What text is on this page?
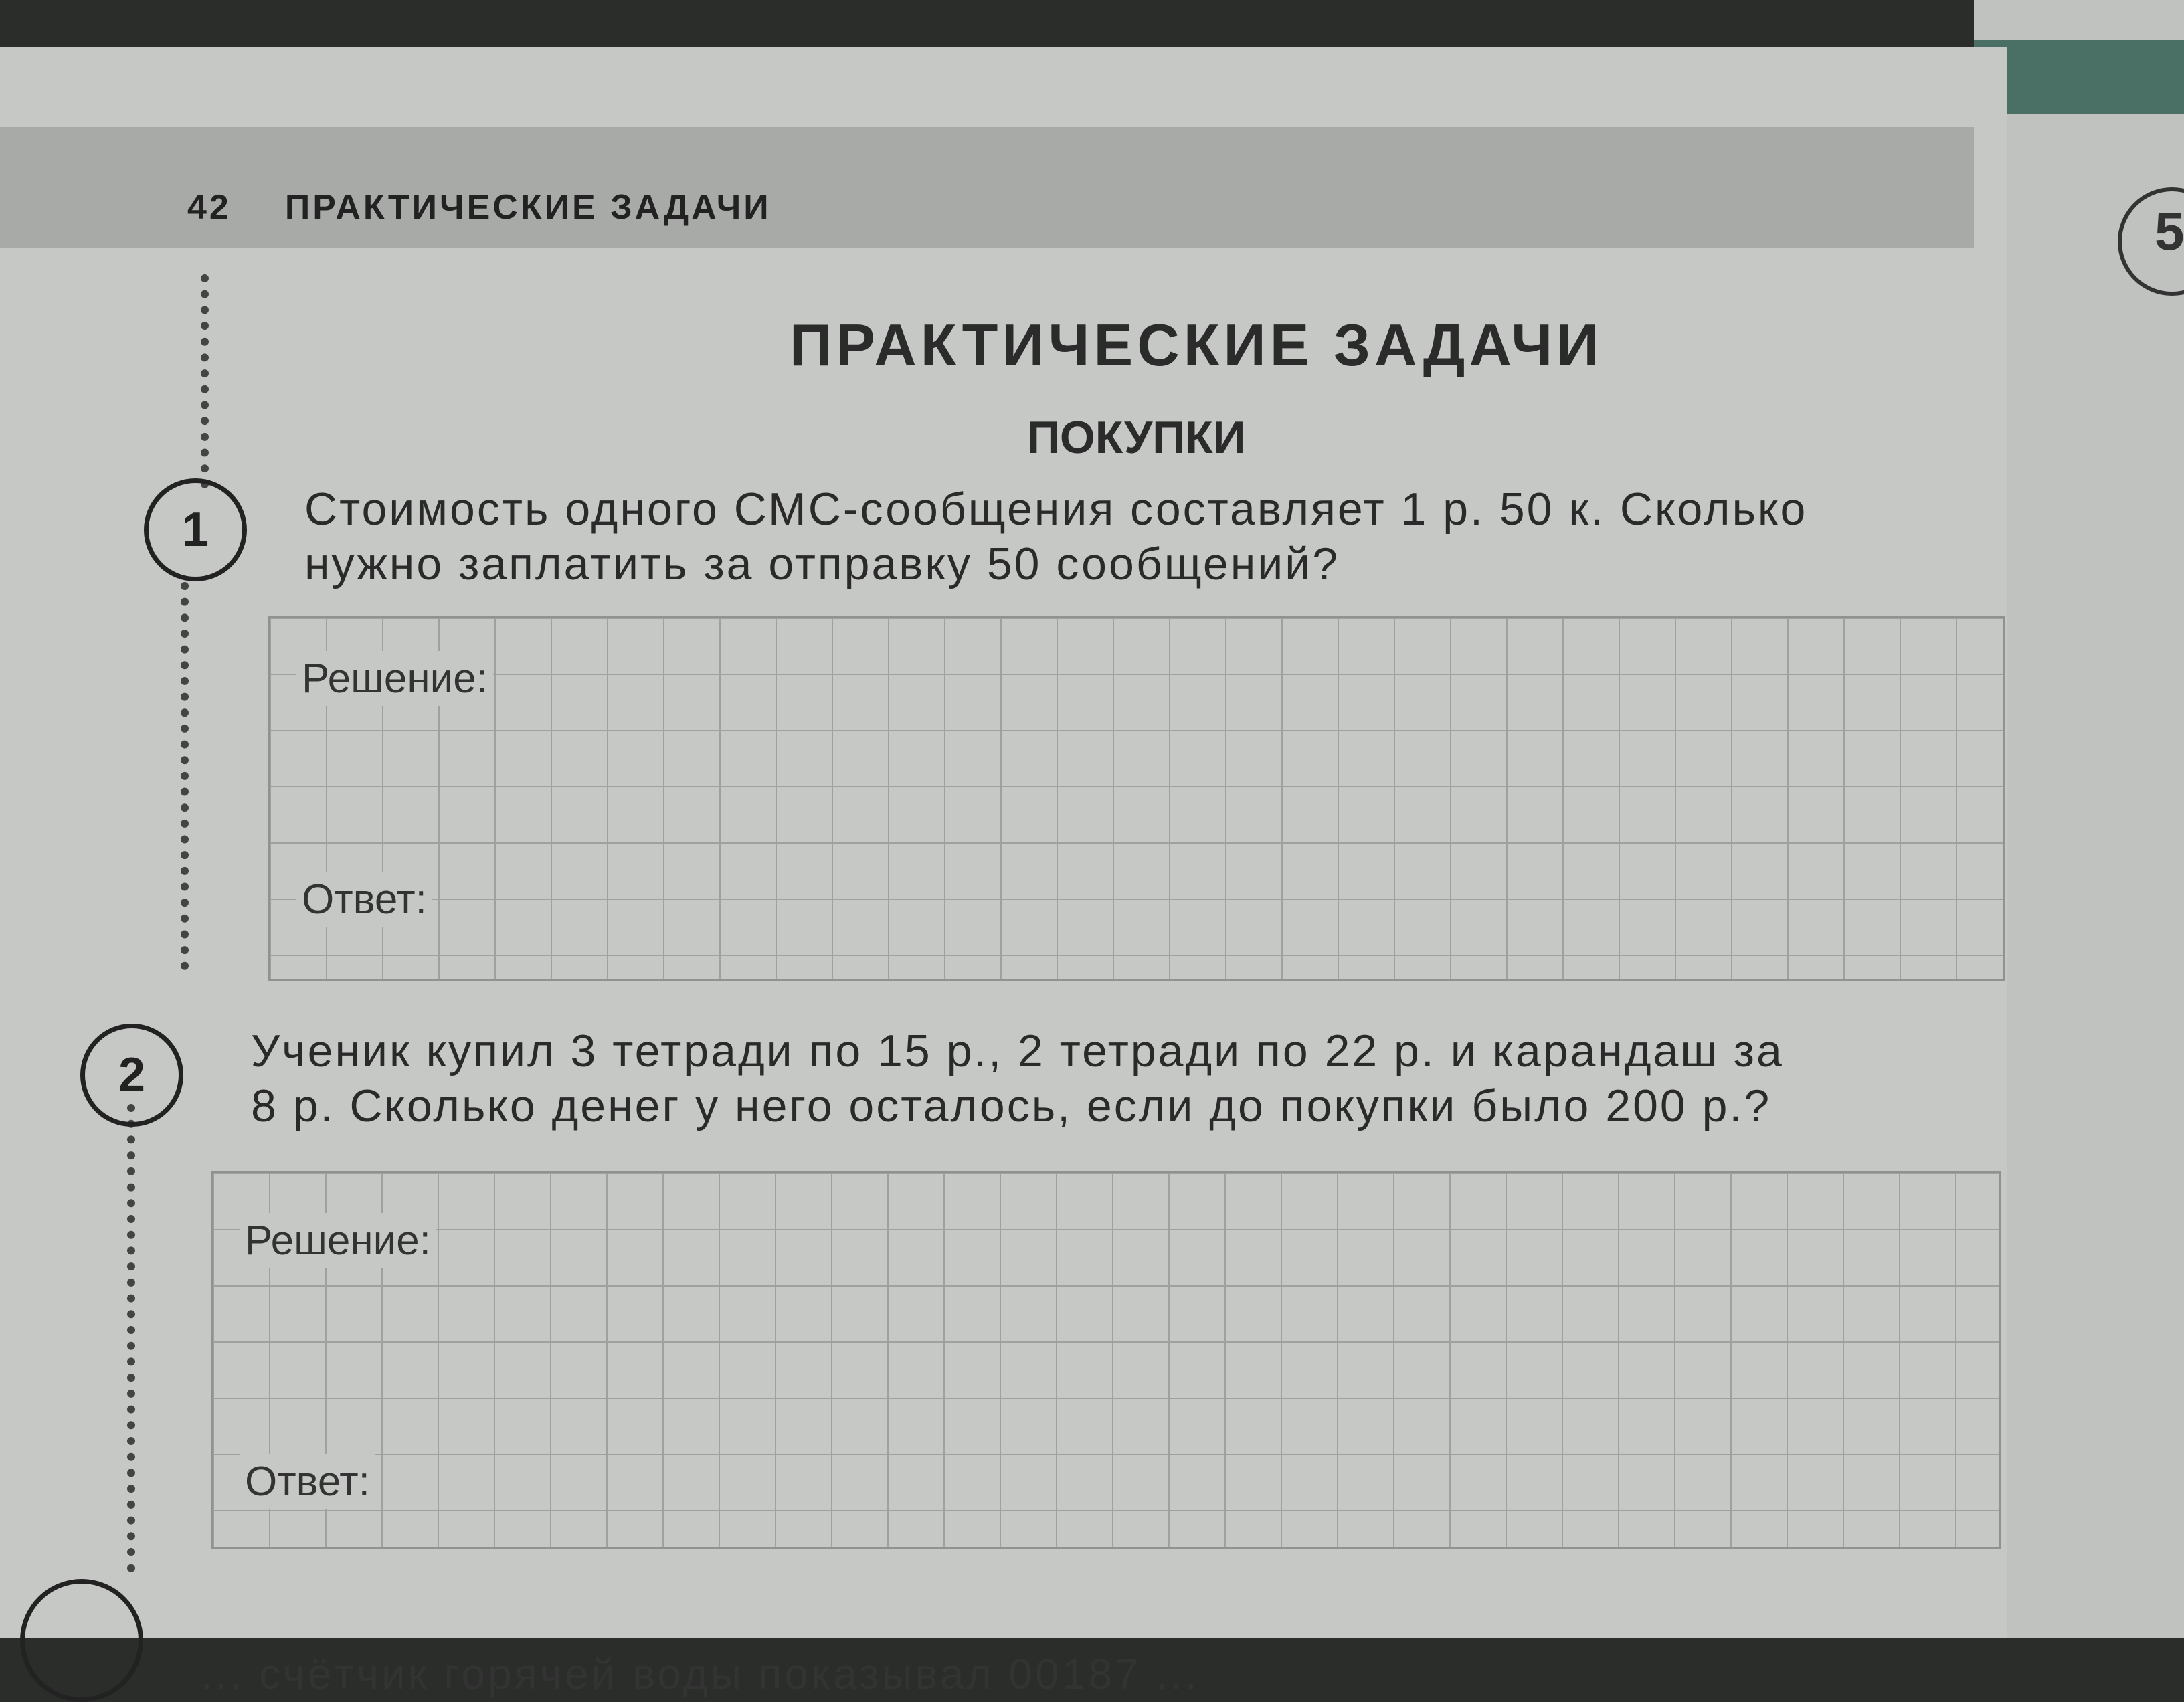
5
42 ПРАКТИЧЕСКИЕ ЗАДАЧИ
ПРАКТИЧЕСКИЕ ЗАДАЧИ
ПОКУПКИ
1	Стоимость одного СМС-сообщения составляет 1 р. 50 к. Сколько
нужно заплатить за отправку 50 сообщений?
Решение:
Ответ:
2	Ученик купил 3 тетради по 15 р., 2 тетради по 22 р. и карандаш за
8 р. Сколько денег у него осталось, если до покупки было 200 р.?
Решение:
Ответ:
... счётчик горячей воды показывал 00187 ...
